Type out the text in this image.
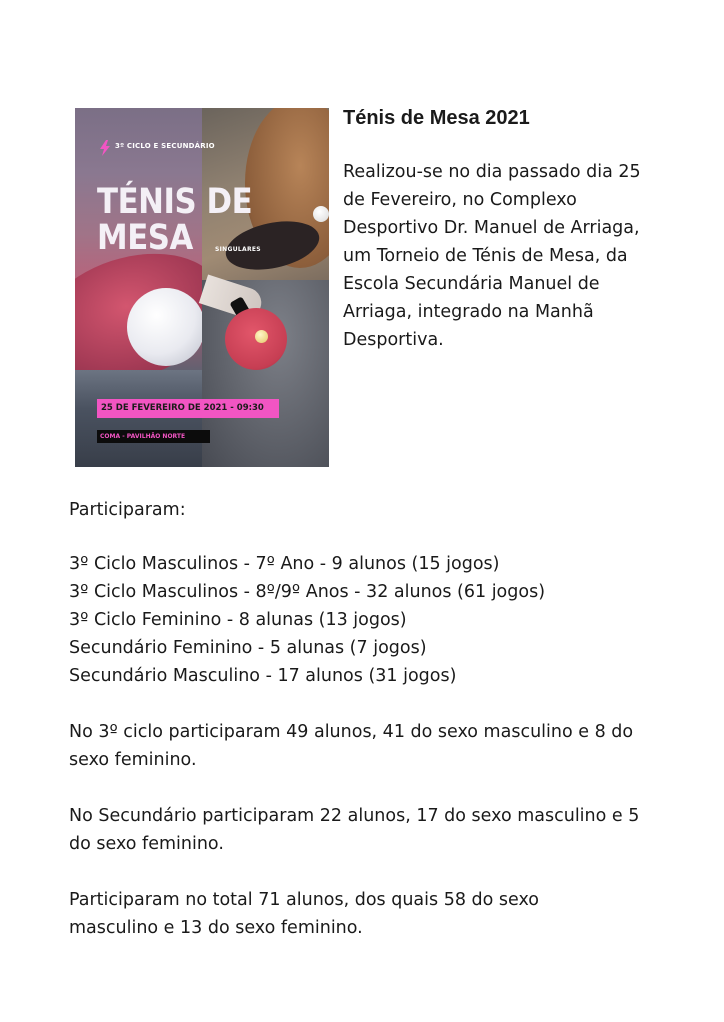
3º CICLO E SECUNDÁRIO
TÉNIS DE
MESA	SINGULARES
25 DE FEVEREIRO DE 2021 - 09:30
COMA - PAVILHÃO NORTE
Ténis de Mesa 2021

Realizou-se no dia passado dia 25 de Fevereiro, no Complexo Desportivo Dr. Manuel de Arriaga, um Torneio de Ténis de Mesa, da Escola Secundária Manuel de Arriaga, integrado na Manhã Desportiva.

Participaram:

3º Ciclo Masculinos - 7º Ano - 9 alunos (15 jogos)
3º Ciclo Masculinos - 8º/9º Anos - 32 alunos (61 jogos)
3º Ciclo Feminino - 8 alunas (13 jogos)
Secundário Feminino - 5 alunas (7 jogos)
Secundário Masculino - 17 alunos (31 jogos)

No 3º ciclo participaram 49 alunos, 41 do sexo masculino e 8 do sexo feminino.

No Secundário participaram 22 alunos, 17 do sexo masculino e 5 do sexo feminino.

Participaram no total 71 alunos, dos quais 58 do sexo masculino e 13 do sexo feminino.
